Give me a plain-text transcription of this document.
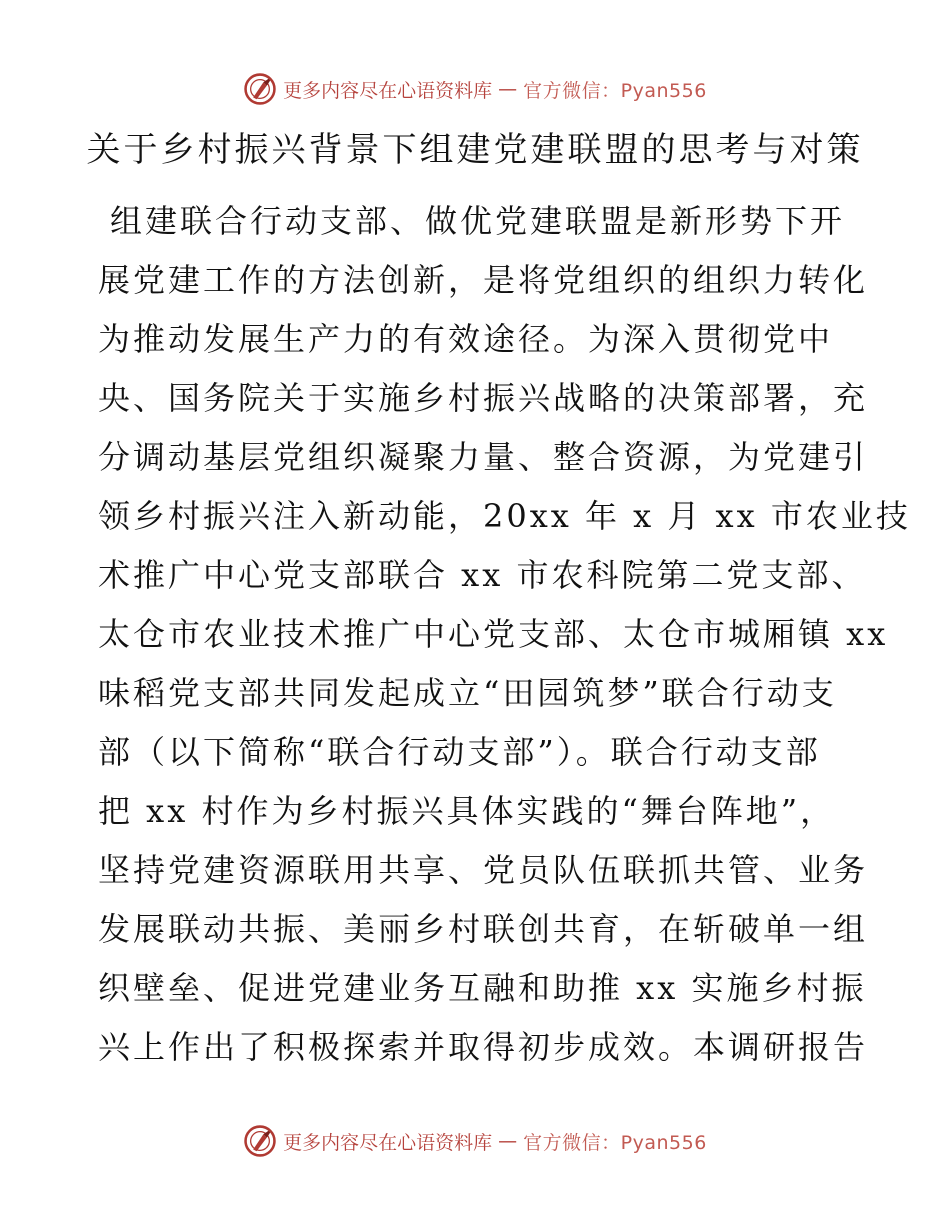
更多内容尽在心语资料库 — 官方微信：Pyan556
关于乡村振兴背景下组建党建联盟的思考与对策
组建联合行动支部、做优党建联盟是新形势下开
展党建工作的方法创新，是将党组织的组织力转化
为推动发展生产力的有效途径。为深入贯彻党中
央、国务院关于实施乡村振兴战略的决策部署，充
分调动基层党组织凝聚力量、整合资源，为党建引
领乡村振兴注入新动能，20xx 年 x 月 xx 市农业技
术推广中心党支部联合 xx 市农科院第二党支部、
太仓市农业技术推广中心党支部、太仓市城厢镇 xx
味稻党支部共同发起成立“田园筑梦”联合行动支
部（以下简称“联合行动支部”）。联合行动支部
把 xx 村作为乡村振兴具体实践的“舞台阵地”，
坚持党建资源联用共享、党员队伍联抓共管、业务
发展联动共振、美丽乡村联创共育，在斩破单一组
织壁垒、促进党建业务互融和助推 xx 实施乡村振
兴上作出了积极探索并取得初步成效。本调研报告
更多内容尽在心语资料库 — 官方微信：Pyan556
